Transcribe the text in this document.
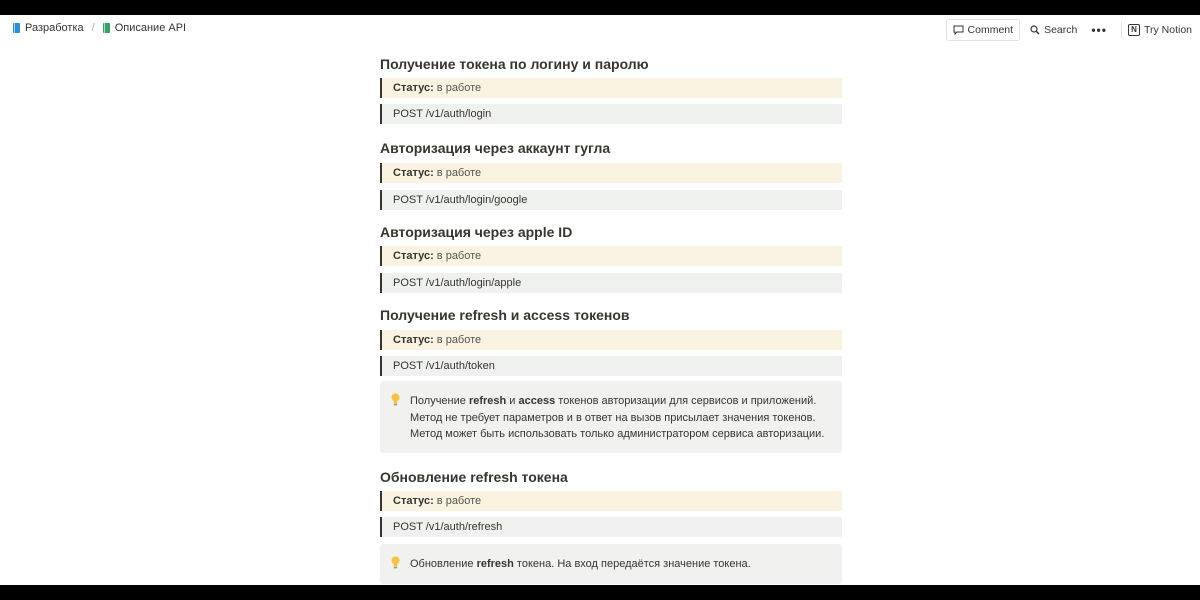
Разработка / Описание API	Comment	Search •••	N Try Notion
Получение токена по логину и паролю
Статус: в работе
POST /v1/auth/login
Авторизация через аккаунт гугла
Статус: в работе
POST /v1/auth/login/google
Авторизация через apple ID
Статус: в работе
POST /v1/auth/login/apple
Получение refresh и access токенов
Статус: в работе
POST /v1/auth/token
Получение refresh и access токенов авторизации для сервисов и приложений.
Метод не требует параметров и в ответ на вызов присылает значения токенов.
Метод может быть использовать только администратором сервиса авторизации.
Обновление refresh токена
Статус: в работе
POST /v1/auth/refresh
Обновление refresh токена. На вход передаётся значение токена.
